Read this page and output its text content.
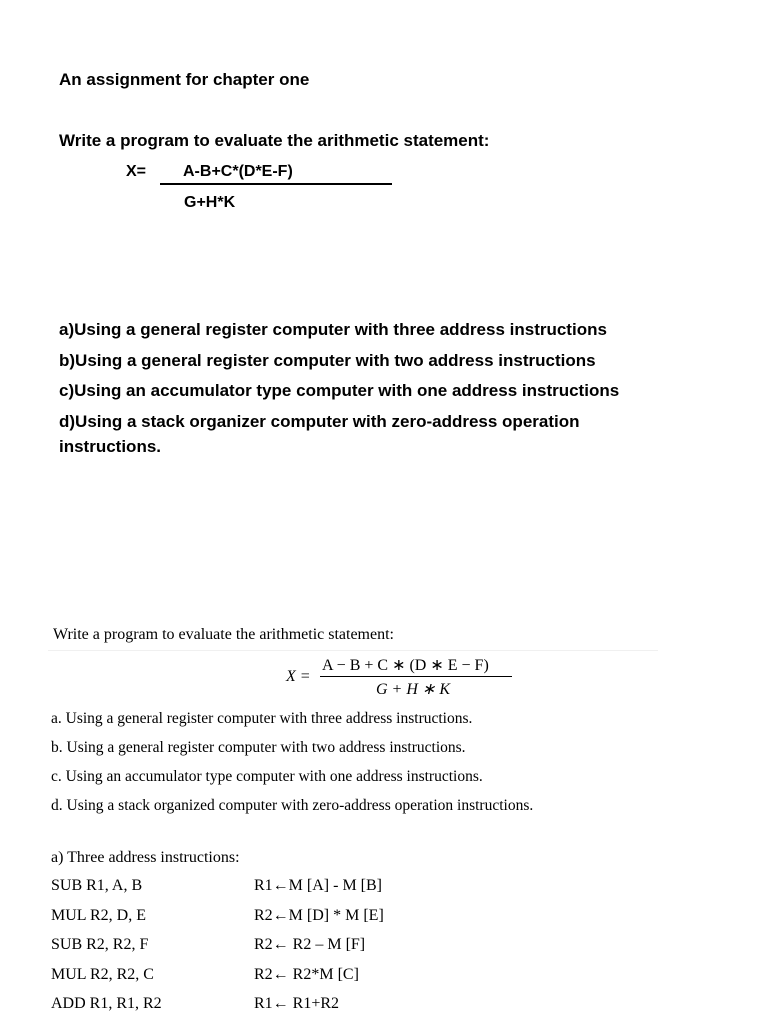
An assignment for chapter one
Write a program to evaluate the arithmetic statement:
X= A-B+C*(D*E-F)
G+H*K
a)Using a general register computer with three address instructions
b)Using a general register computer with two address instructions
c)Using an accumulator type computer with one address instructions
d)Using a stack organizer computer with zero-address operation
instructions.
Write a program to evaluate the arithmetic statement:
X =
A − B + C ∗ (D ∗ E − F)
G + H ∗ K
a. Using a general register computer with three address instructions.
b. Using a general register computer with two address instructions.
c. Using an accumulator type computer with one address instructions.
d. Using a stack organized computer with zero-address operation instructions.
a) Three address instructions:
SUB R1, A, B	R1←M [A] - M [B]
MUL R2, D, E	R2←M [D] * M [E]
SUB R2, R2, F	R2← R2 – M [F]
MUL R2, R2, C	R2← R2*M [C]
ADD R1, R1, R2	R1← R1+R2
